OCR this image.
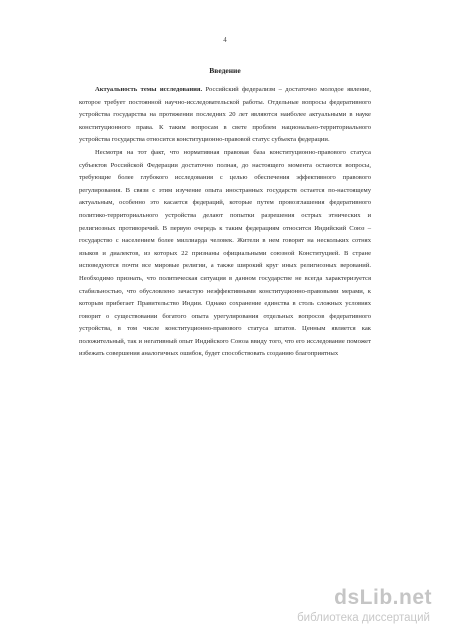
4
Введение

Актуальность темы исследования. Российский федерализм – достаточно молодое явление, которое требует постоянной научно-исследовательской работы. Отдельные вопросы федеративного устройства государства на протяжении последних 20 лет являются наиболее актуальными в науке конституционного права. К таким вопросам в свете проблем национально-территориального устройства государства относится конституционно-правовой статус субъекта федерации.

Несмотря на тот факт, что нормативная правовая база конституционно-правового статуса субъектов Российской Федерации достаточно полная, до настоящего момента остаются вопросы, требующие более глубокого исследования с целью обеспечения эффективного правового регулирования. В связи с этим изучение опыта иностранных государств остается по-настоящему актуальным, особенно это касается федераций, которые путем провозглашения федеративного политико-территориального устройства делают попытки разрешения острых этнических и религиозных противоречий. В первую очередь к таким федерациям относится Индийский Союз – государство с населением более миллиарда человек. Жители в нем говорят на нескольких сотнях языков и диалектов, из которых 22 признаны официальными союзной Конституцией. В стране исповедуются почти все мировые религии, а также широкий круг иных религиозных верований. Необходимо признать, что политическая ситуация в данном государстве не всегда характеризуется стабильностью, что обусловлено зачастую неэффективными конституционно-правовыми мерами, к которым прибегает Правительство Индии. Однако сохранение единства в столь сложных условиях говорит о существовании богатого опыта урегулирования отдельных вопросов федеративного устройства, в том числе конституционно-правового статуса штатов. Ценным является как положительный, так и негативный опыт Индийского Союза ввиду того, что его исследование поможет избежать совершения аналогичных ошибок, будет способствовать созданию благоприятных

dsLib.net
библиотека диссертаций
